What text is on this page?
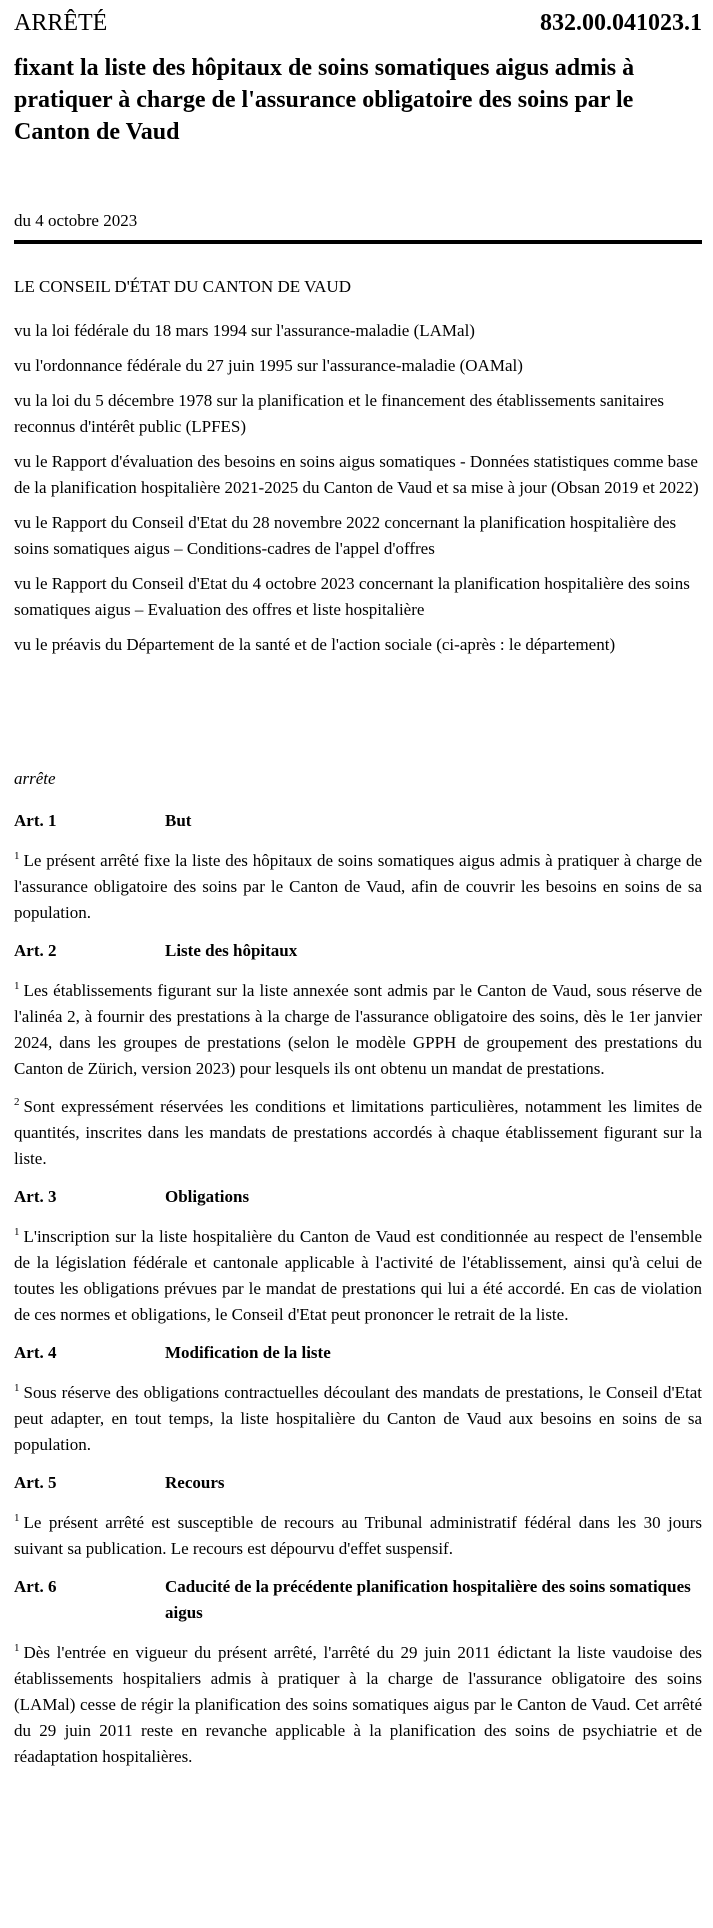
ARRÊTÉ	832.00.041023.1
fixant la liste des hôpitaux de soins somatiques aigus admis à pratiquer à charge de l'assurance obligatoire des soins par le Canton de Vaud
du 4 octobre 2023
LE CONSEIL D'ÉTAT DU CANTON DE VAUD

vu la loi fédérale du 18 mars 1994 sur l'assurance-maladie (LAMal)

vu l'ordonnance fédérale du 27 juin 1995 sur l'assurance-maladie (OAMal)

vu la loi du 5 décembre 1978 sur la planification et le financement des établissements sanitaires reconnus d'intérêt public (LPFES)

vu le Rapport d'évaluation des besoins en soins aigus somatiques - Données statistiques comme base de la planification hospitalière 2021-2025 du Canton de Vaud et sa mise à jour (Obsan 2019 et 2022)

vu le Rapport du Conseil d'Etat du 28 novembre 2022 concernant la planification hospitalière des soins somatiques aigus – Conditions-cadres de l'appel d'offres

vu le Rapport du Conseil d'Etat du 4 octobre 2023 concernant la planification hospitalière des soins somatiques aigus – Evaluation des offres et liste hospitalière

vu le préavis du Département de la santé et de l'action sociale (ci-après : le département)

arrête
Art. 1	But

$^1$ Le présent arrêté fixe la liste des hôpitaux de soins somatiques aigus admis à pratiquer à charge de l'assurance obligatoire des soins par le Canton de Vaud, afin de couvrir les besoins en soins de sa population.

Art. 2	Liste des hôpitaux

$^1$ Les établissements figurant sur la liste annexée sont admis par le Canton de Vaud, sous réserve de l'alinéa 2, à fournir des prestations à la charge de l'assurance obligatoire des soins, dès le 1er janvier 2024, dans les groupes de prestations (selon le modèle GPPH de groupement des prestations du Canton de Zürich, version 2023) pour lesquels ils ont obtenu un mandat de prestations.

$^2$ Sont expressément réservées les conditions et limitations particulières, notamment les limites de quantités, inscrites dans les mandats de prestations accordés à chaque établissement figurant sur la liste.

Art. 3	Obligations

$^1$ L'inscription sur la liste hospitalière du Canton de Vaud est conditionnée au respect de l'ensemble de la législation fédérale et cantonale applicable à l'activité de l'établissement, ainsi qu'à celui de toutes les obligations prévues par le mandat de prestations qui lui a été accordé. En cas de violation de ces normes et obligations, le Conseil d'Etat peut prononcer le retrait de la liste.

Art. 4	Modification de la liste

$^1$ Sous réserve des obligations contractuelles découlant des mandats de prestations, le Conseil d'Etat peut adapter, en tout temps, la liste hospitalière du Canton de Vaud aux besoins en soins de sa population.

Art. 5	Recours

$^1$ Le présent arrêté est susceptible de recours au Tribunal administratif fédéral dans les 30 jours suivant sa publication. Le recours est dépourvu d'effet suspensif.

Art. 6	Caducité de la précédente planification hospitalière des soins somatiques aigus

$^1$ Dès l'entrée en vigueur du présent arrêté, l'arrêté du 29 juin 2011 édictant la liste vaudoise des établissements hospitaliers admis à pratiquer à la charge de l'assurance obligatoire des soins (LAMal) cesse de régir la planification des soins somatiques aigus par le Canton de Vaud. Cet arrêté du 29 juin 2011 reste en revanche applicable à la planification des soins de psychiatrie et de réadaptation hospitalières.
